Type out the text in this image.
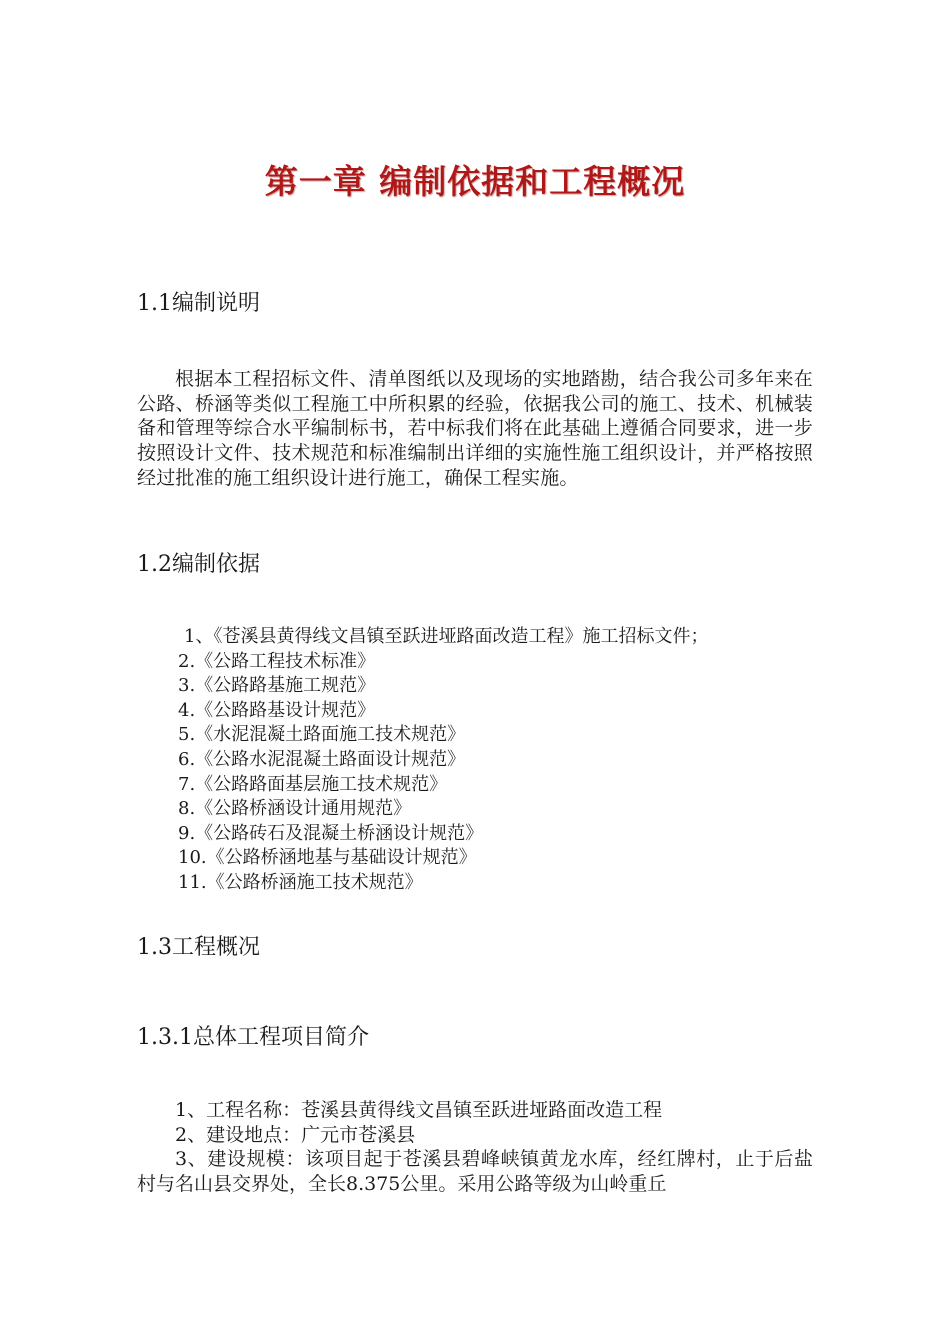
第一章 编制依据和工程概况
1.1编制说明
根据本工程招标文件、清单图纸以及现场的实地踏勘，结合我公司多年来在公路、桥涵等类似工程施工中所积累的经验，依据我公司的施工、技术、机械装备和管理等综合水平编制标书，若中标我们将在此基础上遵循合同要求，进一步按照设计文件、技术规范和标准编制出详细的实施性施工组织设计，并严格按照经过批准的施工组织设计进行施工，确保工程实施。
1.2编制依据
1、《苍溪县黄得线文昌镇至跃进垭路面改造工程》施工招标文件；
2.《公路工程技术标准》
3.《公路路基施工规范》
4.《公路路基设计规范》
5.《水泥混凝土路面施工技术规范》
6.《公路水泥混凝土路面设计规范》
7.《公路路面基层施工技术规范》
8.《公路桥涵设计通用规范》
9.《公路砖石及混凝土桥涵设计规范》
10.《公路桥涵地基与基础设计规范》
11.《公路桥涵施工技术规范》
1.3工程概况
1.3.1总体工程项目简介
1、工程名称：苍溪县黄得线文昌镇至跃进垭路面改造工程
2、建设地点：广元市苍溪县
3、建设规模：该项目起于苍溪县碧峰峡镇黄龙水库，经红牌村，止于后盐村与名山县交界处，全长8.375公里。采用公路等级为山岭重丘
